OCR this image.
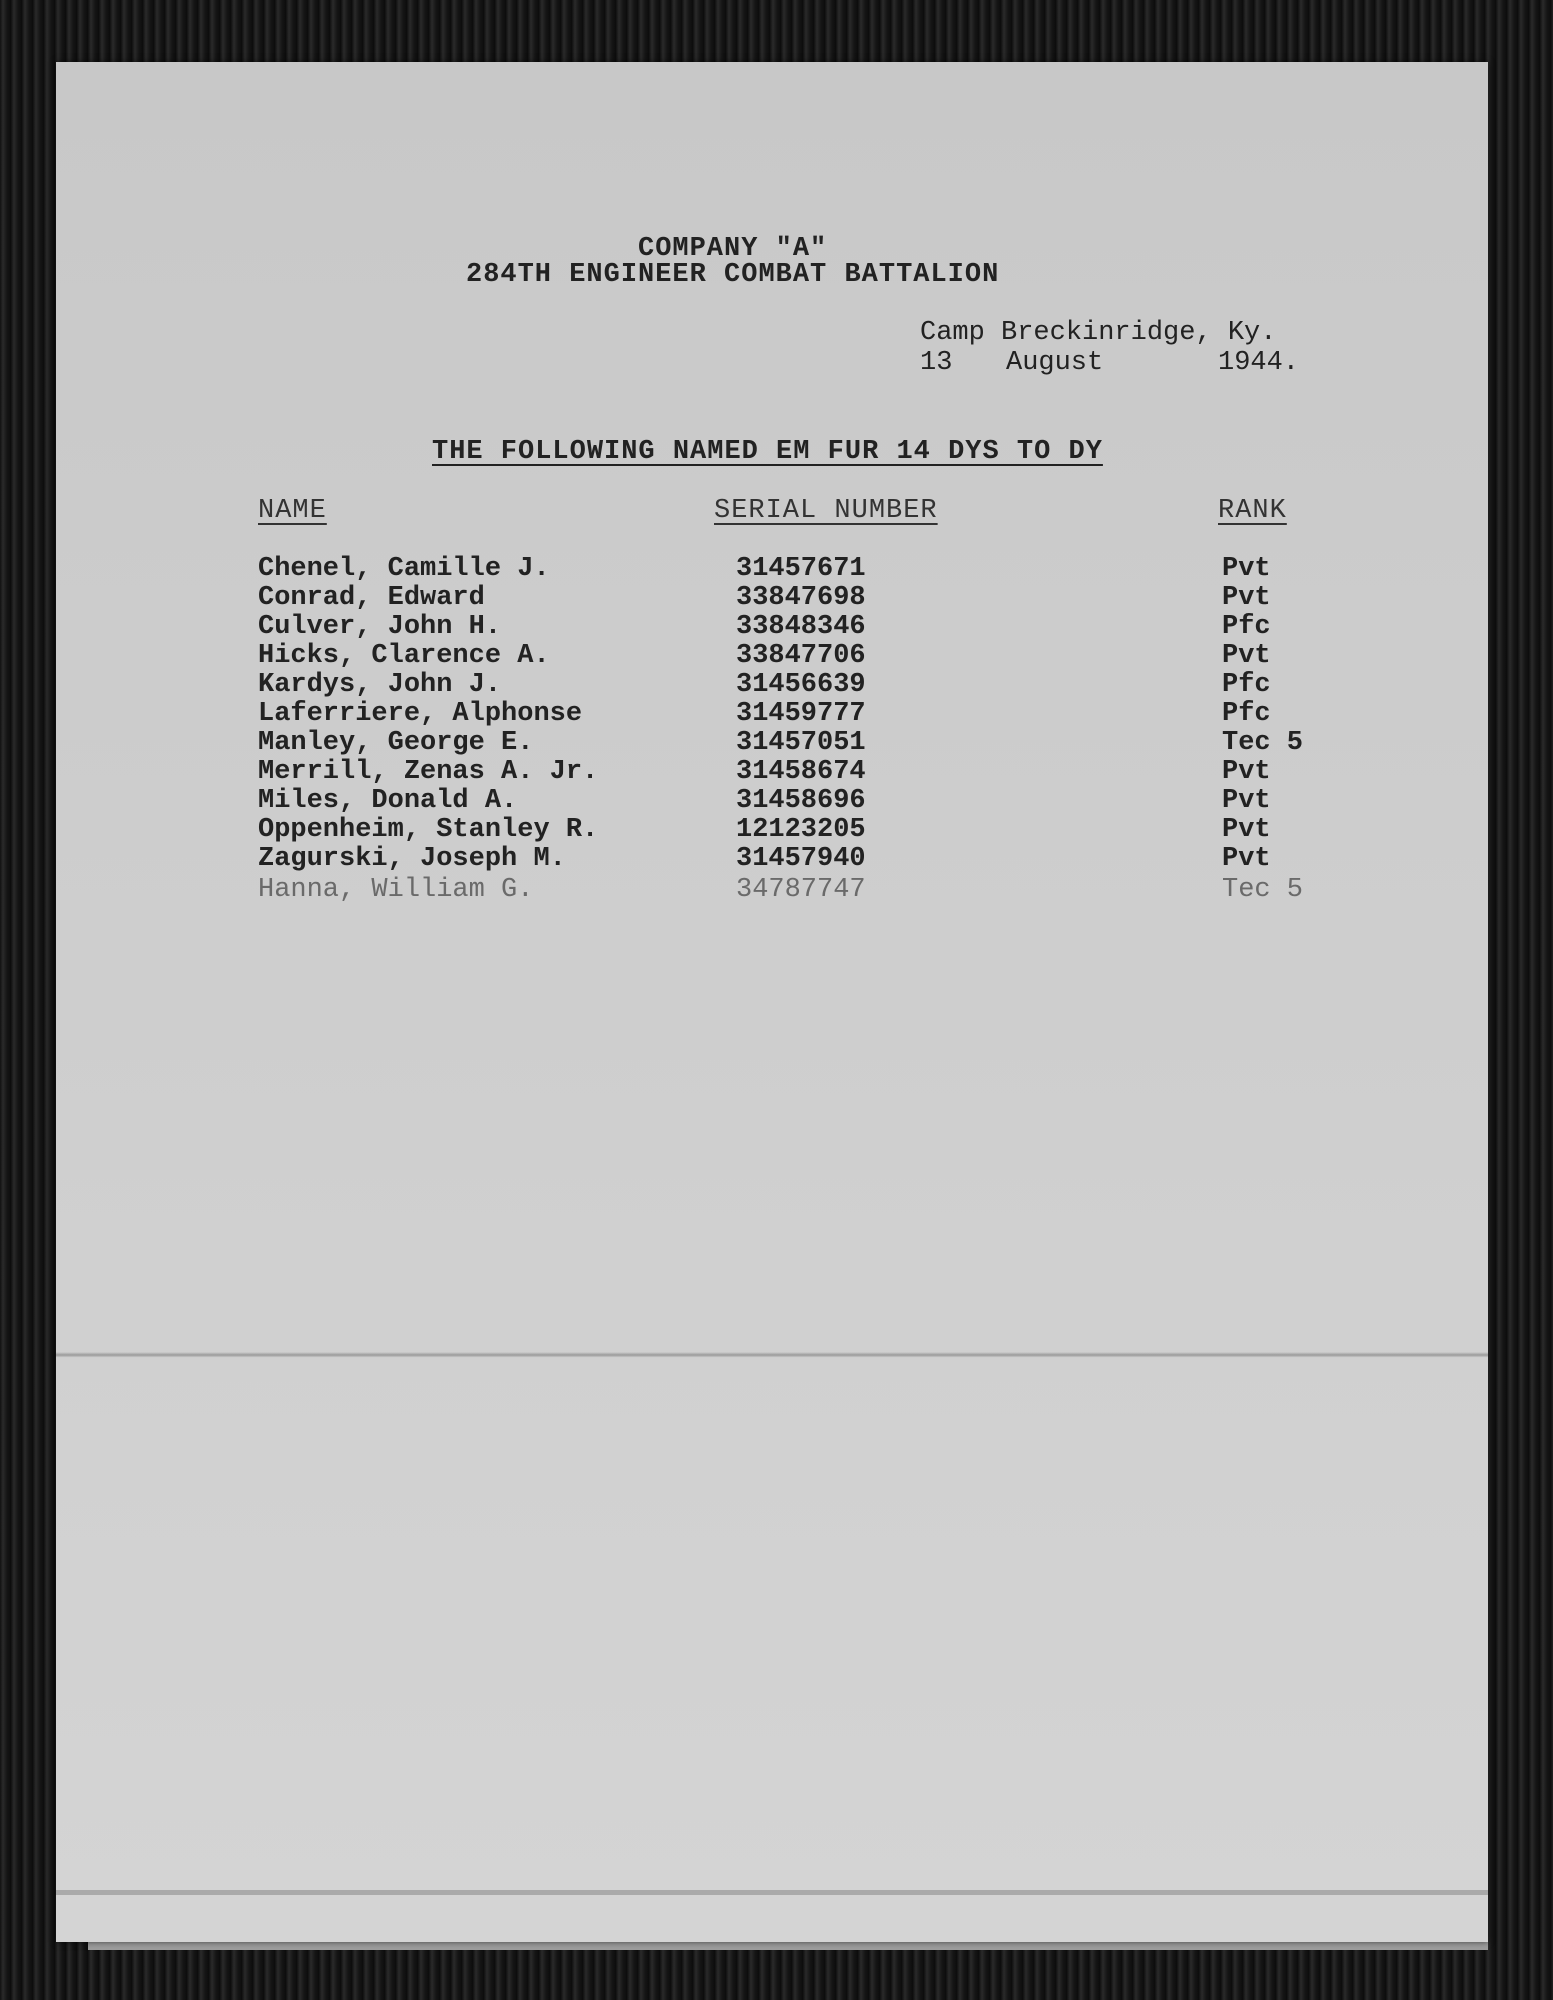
COMPANY "A"
284TH ENGINEER COMBAT BATTALION
Camp Breckinridge, Ky.
13 August	1944.
THE FOLLOWING NAMED EM FUR 14 DYS TO DY
NAME	SERIAL NUMBER	RANK
Chenel, Camille J.	31457671	Pvt
Conrad, Edward	33847698	Pvt
Culver, John H.	33848346	Pfc
Hicks, Clarence A.	33847706	Pvt
Kardys, John J.	31456639	Pfc
Laferriere, Alphonse	31459777	Pfc
Manley, George E.	31457051	Tec 5
Merrill, Zenas A. Jr.	31458674	Pvt
Miles, Donald A.	31458696	Pvt
Oppenheim, Stanley R.	12123205	Pvt
Zagurski, Joseph M.	31457940	Pvt
Hanna, William G.	34787747	Tec 5
